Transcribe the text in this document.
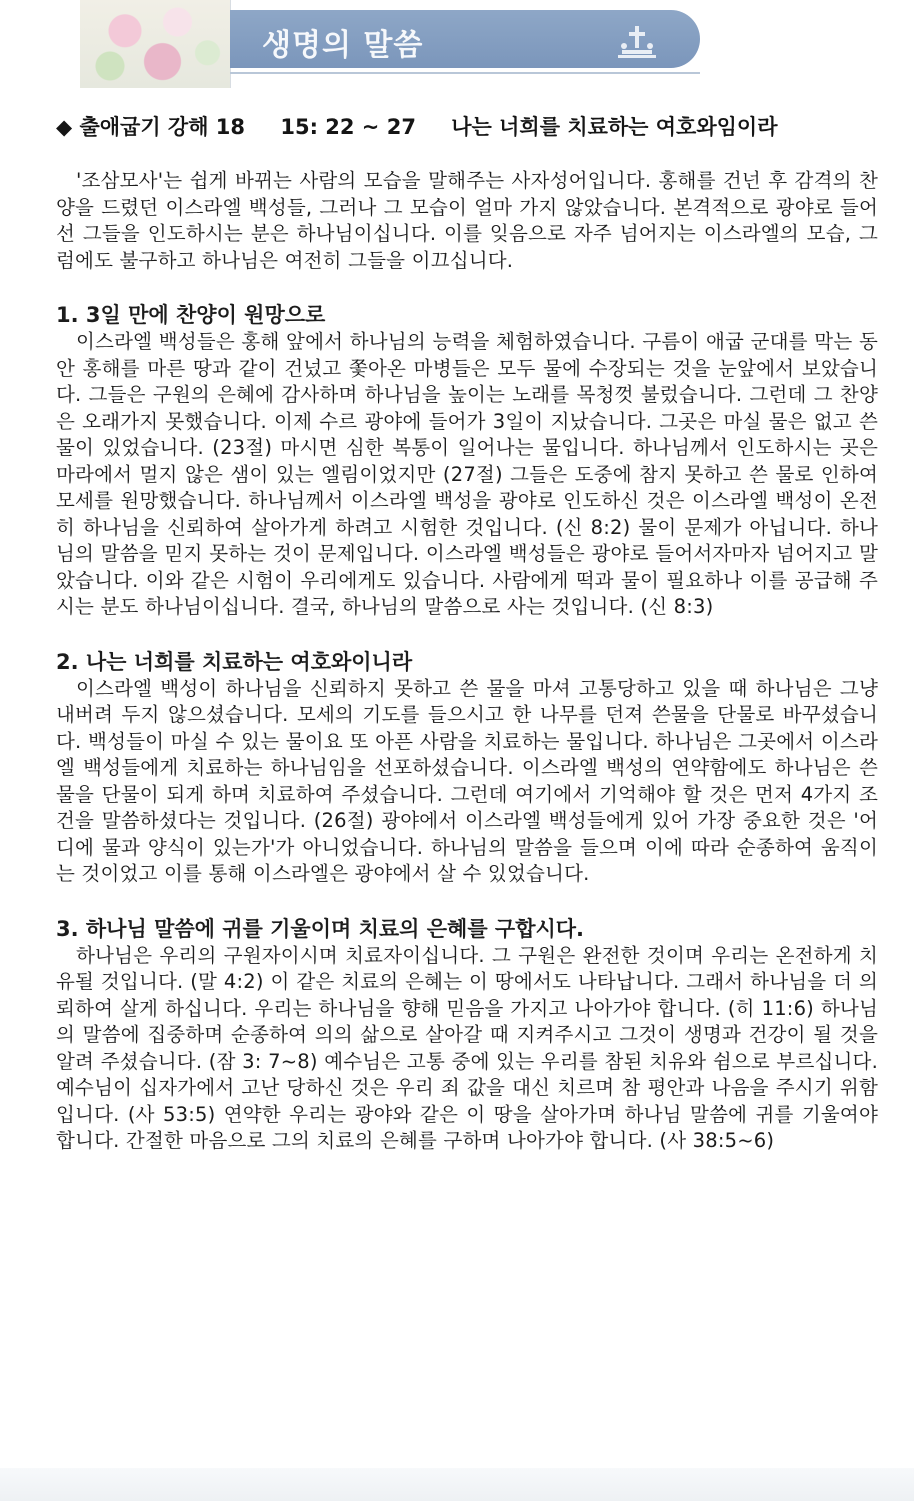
생명의 말씀
◆ 출애굽기 강해 18 15: 22 ~ 27 나는 너희를 치료하는 여호와임이라

'조삼모사'는 쉽게 바뀌는 사람의 모습을 말해주는 사자성어입니다. 홍해를 건넌 후 감격의 찬양을 드렸던 이스라엘 백성들, 그러나 그 모습이 얼마 가지 않았습니다. 본격적으로 광야로 들어선 그들을 인도하시는 분은 하나님이십니다. 이를 잊음으로 자주 넘어지는 이스라엘의 모습, 그럼에도 불구하고 하나님은 여전히 그들을 이끄십니다.

1. 3일 만에 찬양이 원망으로

이스라엘 백성들은 홍해 앞에서 하나님의 능력을 체험하였습니다. 구름이 애굽 군대를 막는 동안 홍해를 마른 땅과 같이 건넜고 쫓아온 마병들은 모두 물에 수장되는 것을 눈앞에서 보았습니다. 그들은 구원의 은혜에 감사하며 하나님을 높이는 노래를 목청껏 불렀습니다. 그런데 그 찬양은 오래가지 못했습니다. 이제 수르 광야에 들어가 3일이 지났습니다. 그곳은 마실 물은 없고 쓴 물이 있었습니다. (23절) 마시면 심한 복통이 일어나는 물입니다. 하나님께서 인도하시는 곳은 마라에서 멀지 않은 샘이 있는 엘림이었지만 (27절) 그들은 도중에 참지 못하고 쓴 물로 인하여 모세를 원망했습니다. 하나님께서 이스라엘 백성을 광야로 인도하신 것은 이스라엘 백성이 온전히 하나님을 신뢰하여 살아가게 하려고 시험한 것입니다. (신 8:2) 물이 문제가 아닙니다. 하나님의 말씀을 믿지 못하는 것이 문제입니다. 이스라엘 백성들은 광야로 들어서자마자 넘어지고 말았습니다. 이와 같은 시험이 우리에게도 있습니다. 사람에게 떡과 물이 필요하나 이를 공급해 주시는 분도 하나님이십니다. 결국, 하나님의 말씀으로 사는 것입니다. (신 8:3)

2. 나는 너희를 치료하는 여호와이니라

이스라엘 백성이 하나님을 신뢰하지 못하고 쓴 물을 마셔 고통당하고 있을 때 하나님은 그냥 내버려 두지 않으셨습니다. 모세의 기도를 들으시고 한 나무를 던져 쓴물을 단물로 바꾸셨습니다. 백성들이 마실 수 있는 물이요 또 아픈 사람을 치료하는 물입니다. 하나님은 그곳에서 이스라엘 백성들에게 치료하는 하나님임을 선포하셨습니다. 이스라엘 백성의 연약함에도 하나님은 쓴 물을 단물이 되게 하며 치료하여 주셨습니다. 그런데 여기에서 기억해야 할 것은 먼저 4가지 조건을 말씀하셨다는 것입니다. (26절) 광야에서 이스라엘 백성들에게 있어 가장 중요한 것은 '어디에 물과 양식이 있는가'가 아니었습니다. 하나님의 말씀을 들으며 이에 따라 순종하여 움직이는 것이었고 이를 통해 이스라엘은 광야에서 살 수 있었습니다.

3. 하나님 말씀에 귀를 기울이며 치료의 은혜를 구합시다.

하나님은 우리의 구원자이시며 치료자이십니다. 그 구원은 완전한 것이며 우리는 온전하게 치유될 것입니다. (말 4:2) 이 같은 치료의 은혜는 이 땅에서도 나타납니다. 그래서 하나님을 더 의뢰하여 살게 하십니다. 우리는 하나님을 향해 믿음을 가지고 나아가야 합니다. (히 11:6) 하나님의 말씀에 집중하며 순종하여 의의 삶으로 살아갈 때 지켜주시고 그것이 생명과 건강이 될 것을 알려 주셨습니다. (잠 3: 7~8) 예수님은 고통 중에 있는 우리를 참된 치유와 쉼으로 부르십니다. 예수님이 십자가에서 고난 당하신 것은 우리 죄 값을 대신 치르며 참 평안과 나음을 주시기 위함입니다. (사 53:5) 연약한 우리는 광야와 같은 이 땅을 살아가며 하나님 말씀에 귀를 기울여야 합니다. 간절한 마음으로 그의 치료의 은혜를 구하며 나아가야 합니다. (사 38:5~6)
